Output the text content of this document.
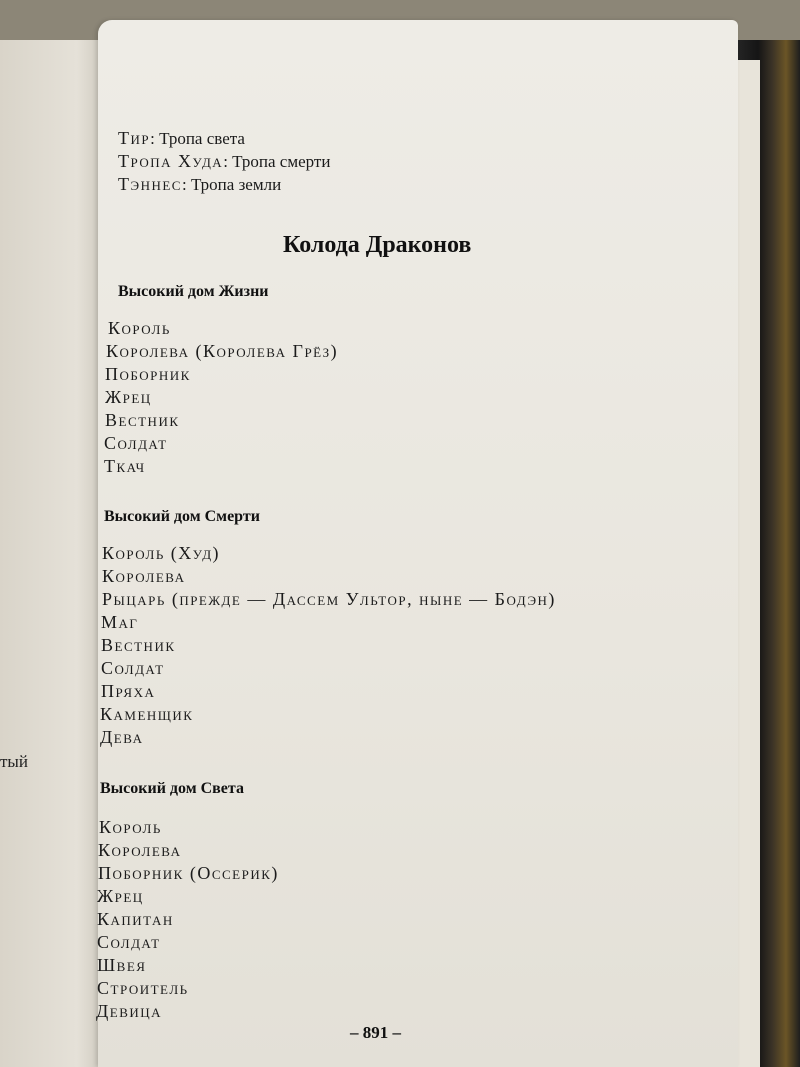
тый
Тир: Тропа света
Тропа Худа: Тропа смерти
Тэннес: Тропа земли
Колода Драконов
Высокий дом Жизни
Король
Королева (Королева Грёз)
Поборник
Жрец
Вестник
Солдат
Ткач
Высокий дом Смерти
Король (Худ)
Королева
Рыцарь (прежде — Дассем Ультор, ныне — Бодэн)
Маг
Вестник
Солдат
Пряха
Каменщик
Дева
Высокий дом Света
Король
Королева
Поборник (Оссерик)
Жрец
Капитан
Солдат
Швея
Строитель
Девица
– 891 –
